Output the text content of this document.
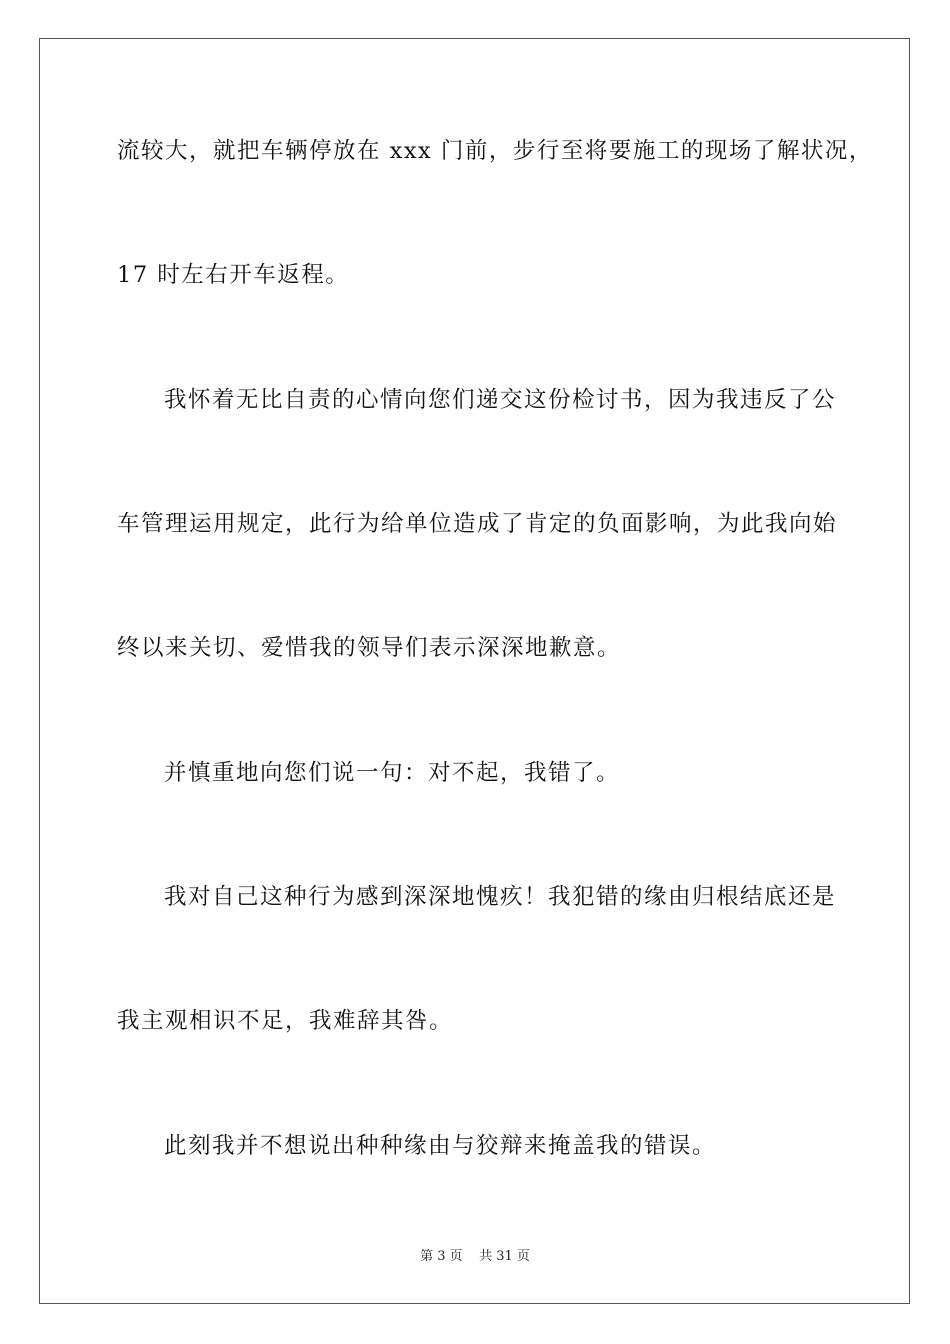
流较大，就把车辆停放在 xxx 门前，步行至将要施工的现场了解状况，
17 时左右开车返程。
我怀着无比自责的心情向您们递交这份检讨书，因为我违反了公
车管理运用规定，此行为给单位造成了肯定的负面影响，为此我向始
终以来关切、爱惜我的领导们表示深深地歉意。
并慎重地向您们说一句：对不起，我错了。
我对自己这种行为感到深深地愧疚！我犯错的缘由归根结底还是
我主观相识不足，我难辞其咎。
此刻我并不想说出种种缘由与狡辩来掩盖我的错误。
第 3 页    共 31 页
